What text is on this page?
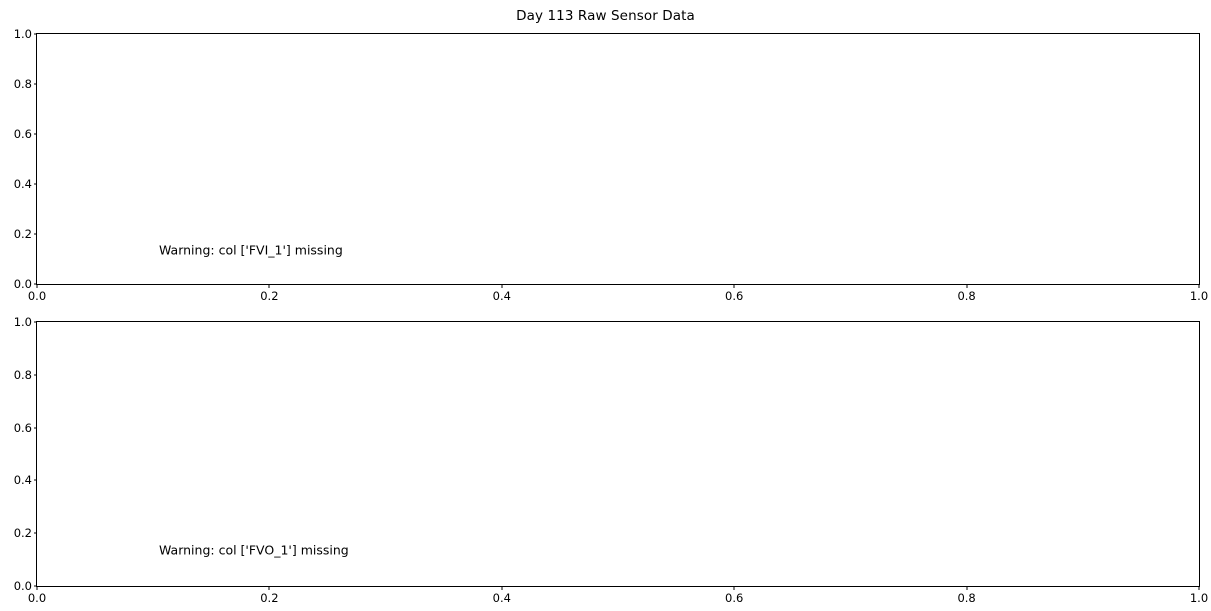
Day 113 Raw Sensor Data
0.0
0.2
0.4
0.6
0.8
1.0
0.0	0.2	0.4	0.6	0.8	1.0
Warning: col ['FVI_1'] missing
0.0
0.2
0.4
0.6
0.8
1.0
0.0	0.2	0.4	0.6	0.8	1.0
Warning: col ['FVO_1'] missing
